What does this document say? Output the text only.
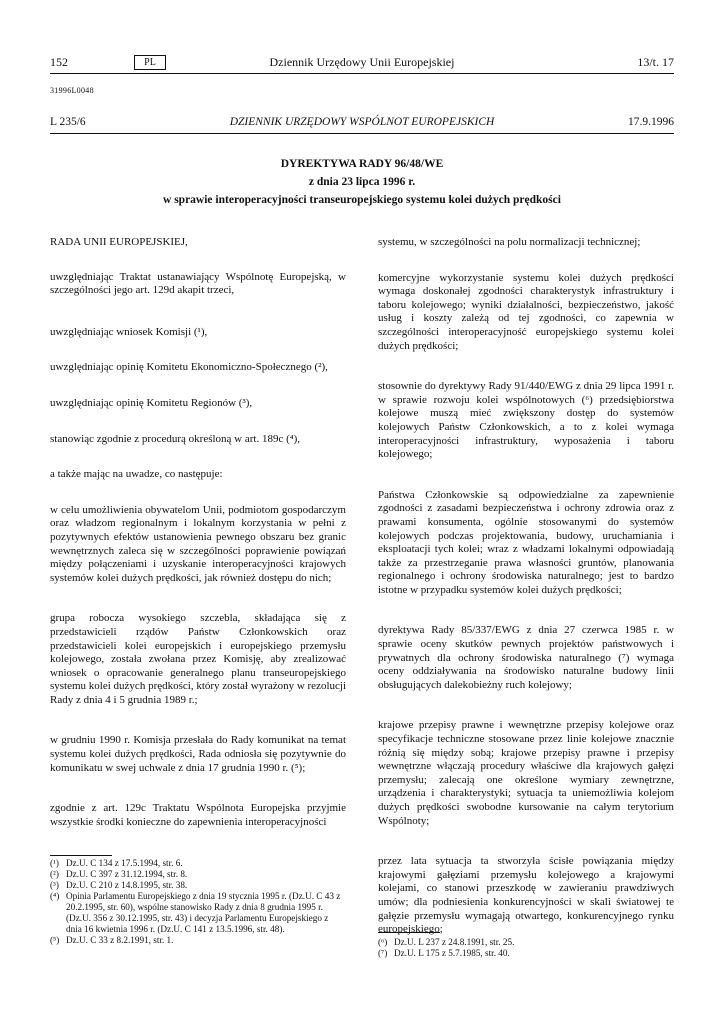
152	PL	Dziennik Urzędowy Unii Europejskiej	13/t. 17
31996L0048
L 235/6	DZIENNIK URZĘDOWY WSPÓLNOT EUROPEJSKICH	17.9.1996
DYREKTYWA RADY 96/48/WE
z dnia 23 lipca 1996 r.
w sprawie interoperacyjności transeuropejskiego systemu kolei dużych prędkości

RADA UNII EUROPEJSKIEJ,

uwzględniając Traktat ustanawiający Wspólnotę Europejską, w szczególności jego art. 129d akapit trzeci,

uwzględniając wniosek Komisji (¹),

uwzględniając opinię Komitetu Ekonomiczno-Społecznego (²),

uwzględniając opinię Komitetu Regionów (³),

stanowiąc zgodnie z procedurą określoną w art. 189c (⁴),

a także mając na uwadze, co następuje:

w celu umożliwienia obywatelom Unii, podmiotom gospodarczym oraz władzom regionalnym i lokalnym korzystania w pełni z pozytywnych efektów ustanowienia pewnego obszaru bez granic wewnętrznych zaleca się w szczególności poprawienie powiązań między połączeniami i uzyskanie interoperacyjności krajowych systemów kolei dużych prędkości, jak również dostępu do nich;

grupa robocza wysokiego szczebla, składająca się z przedstawicieli rządów Państw Członkowskich oraz przedstawicieli kolei europejskich i europejskiego przemysłu kolejowego, została zwołana przez Komisję, aby zrealizować wniosek o opracowanie generalnego planu transeuropejskiego systemu kolei dużych prędkości, który został wyrażony w rezolucji Rady z dnia 4 i 5 grudnia 1989 r.;

w grudniu 1990 r. Komisja przesłała do Rady komunikat na temat systemu kolei dużych prędkości, Rada odniosła się pozytywnie do komunikatu w swej uchwale z dnia 17 grudnia 1990 r. (⁵);

zgodnie z art. 129c Traktatu Wspólnota Europejska przyjmie wszystkie środki konieczne do zapewnienia interoperacyjności

systemu, w szczególności na polu normalizacji technicznej;

komercyjne wykorzystanie systemu kolei dużych prędkości wymaga doskonałej zgodności charakterystyk infrastruktury i taboru kolejowego; wyniki działalności, bezpieczeństwo, jakość usług i koszty zależą od tej zgodności, co zapewnia w szczególności interoperacyjność europejskiego systemu kolei dużych prędkości;

stosownie do dyrektywy Rady 91/440/EWG z dnia 29 lipca 1991 r. w sprawie rozwoju kolei wspólnotowych (⁶) przedsiębiorstwa kolejowe muszą mieć zwiększony dostęp do systemów kolejowych Państw Członkowskich, a to z kolei wymaga interoperacyjności infrastruktury, wyposażenia i taboru kolejowego;

Państwa Członkowskie są odpowiedzialne za zapewnienie zgodności z zasadami bezpieczeństwa i ochrony zdrowia oraz z prawami konsumenta, ogólnie stosowanymi do systemów kolejowych podczas projektowania, budowy, uruchamiania i eksploatacji tych kolei; wraz z władzami lokalnymi odpowiadają także za przestrzeganie prawa własności gruntów, planowania regionalnego i ochrony środowiska naturalnego; jest to bardzo istotne w przypadku systemów kolei dużych prędkości;

dyrektywa Rady 85/337/EWG z dnia 27 czerwca 1985 r. w sprawie oceny skutków pewnych projektów państwowych i prywatnych dla ochrony środowiska naturalnego (⁷) wymaga oceny oddziaływania na środowisko naturalne budowy linii obsługujących dalekobieżny ruch kolejowy;

krajowe przepisy prawne i wewnętrzne przepisy kolejowe oraz specyfikacje techniczne stosowane przez linie kolejowe znacznie różnią się między sobą; krajowe przepisy prawne i przepisy wewnętrzne włączają procedury właściwe dla krajowych gałęzi przemysłu; zalecają one określone wymiary zewnętrzne, urządzenia i charakterystyki; sytuacja ta uniemożliwia kolejom dużych prędkości swobodne kursowanie na całym terytorium Wspólnoty;

przez lata sytuacja ta stworzyła ścisłe powiązania między krajowymi gałęziami przemysłu kolejowego a krajowymi kolejami, co stanowi przeszkodę w zawieraniu prawdziwych umów; dla podniesienia konkurencyjności w skali światowej te gałęzie przemysłu wymagają otwartego, konkurencyjnego rynku europejskiego;

(¹) Dz.U. C 134 z 17.5.1994, str. 6.
(²) Dz.U. C 397 z 31.12.1994, str. 8.
(³) Dz.U. C 210 z 14.8.1995, str. 38.
(⁴) Opinia Parlamentu Europejskiego z dnia 19 stycznia 1995 r. (Dz.U. C 43 z 20.2.1995, str. 60), wspólne stanowisko Rady z dnia 8 grudnia 1995 r. (Dz.U. 356 z 30.12.1995, str. 43) i decyzja Parlamentu Europejskiego z dnia 16 kwietnia 1996 r. (Dz.U. C 141 z 13.5.1996, str. 48).
(⁵) Dz.U. C 33 z 8.2.1991, str. 1.	(⁶) Dz.U. L 237 z 24.8.1991, str. 25.
(⁷) Dz.U. L 175 z 5.7.1985, str. 40.
